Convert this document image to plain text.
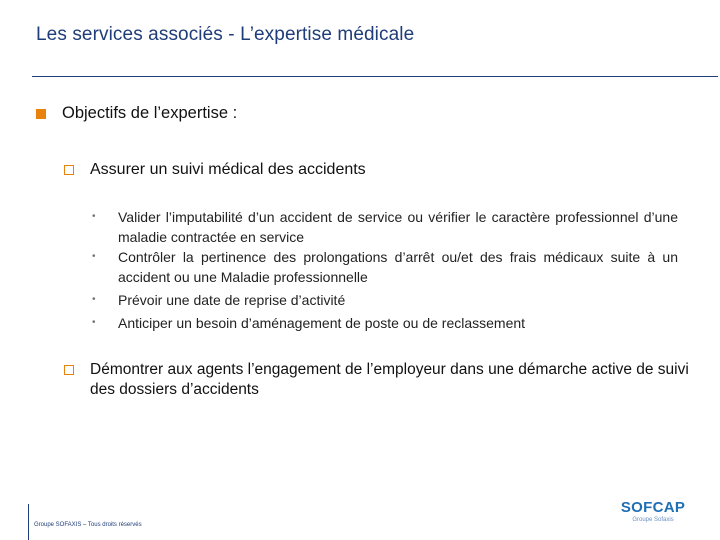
Les services associés - L’expertise médicale
Objectifs de l’expertise :
Assurer un suivi médical des accidents
• Valider l’imputabilité d’un accident de service ou vérifier le caractère professionnel d’une maladie contractée en service
• Contrôler la pertinence des prolongations d’arrêt ou/et des frais médicaux suite à un accident ou une Maladie professionnelle
• Prévoir une date de reprise d’activité
• Anticiper un besoin d’aménagement de poste ou de reclassement
Démontrer aux agents l’engagement de l’employeur dans une démarche active de suivi des dossiers d’accidents
Groupe SOFAXIS – Tous droits réservés
SOFCAP
Groupe Sofaxis
